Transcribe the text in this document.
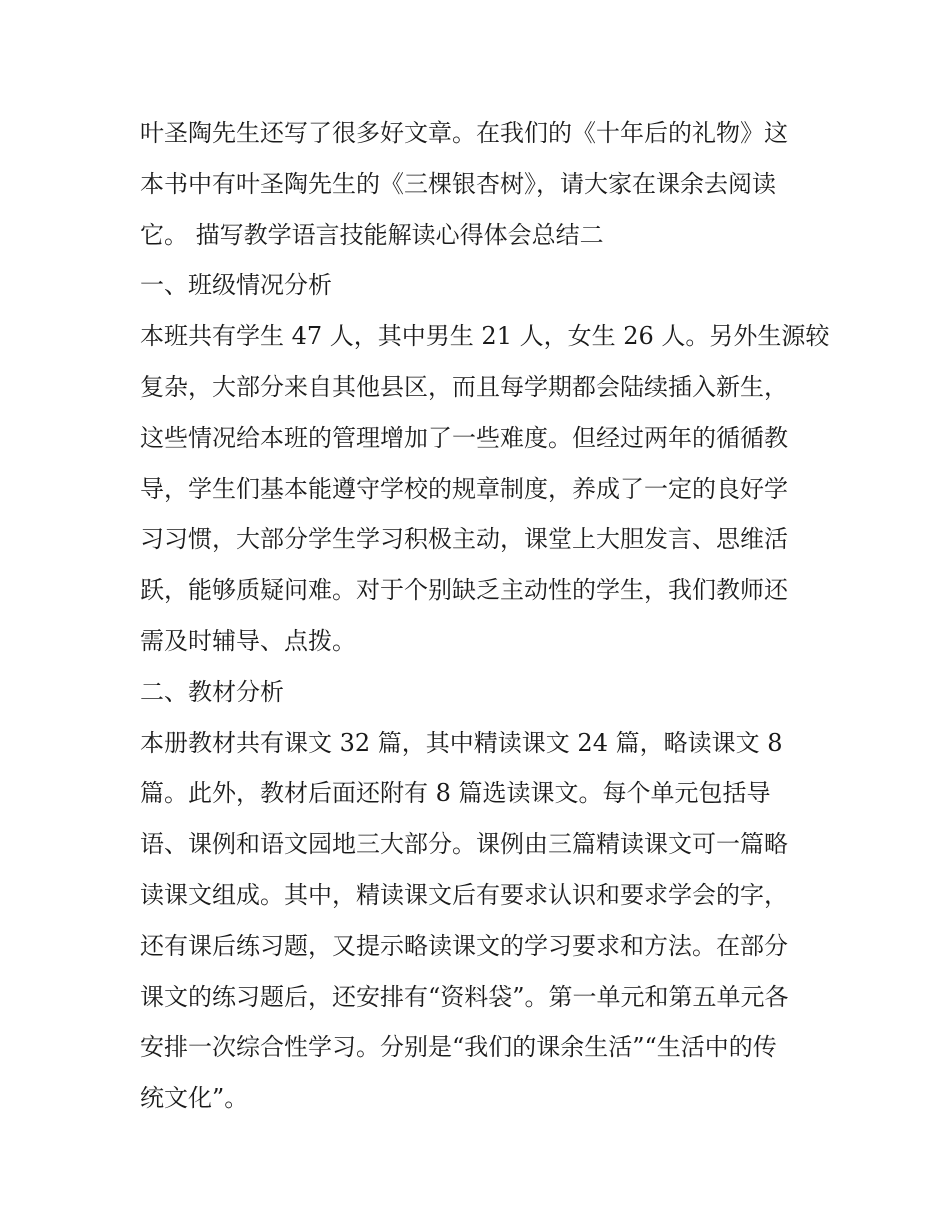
叶圣陶先生还写了很多好文章。在我们的《十年后的礼物》这
本书中有叶圣陶先生的《三棵银杏树》，请大家在课余去阅读
它。 描写教学语言技能解读心得体会总结二
一、班级情况分析
本班共有学生 47 人，其中男生 21 人，女生 26 人。另外生源较
复杂，大部分来自其他县区，而且每学期都会陆续插入新生，
这些情况给本班的管理增加了一些难度。但经过两年的循循教
导，学生们基本能遵守学校的规章制度，养成了一定的良好学
习习惯，大部分学生学习积极主动，课堂上大胆发言、思维活
跃，能够质疑问难。对于个别缺乏主动性的学生，我们教师还
需及时辅导、点拨。
二、教材分析
本册教材共有课文 32 篇，其中精读课文 24 篇，略读课文 8
篇。此外，教材后面还附有 8 篇选读课文。每个单元包括导
语、课例和语文园地三大部分。课例由三篇精读课文可一篇略
读课文组成。其中，精读课文后有要求认识和要求学会的字，
还有课后练习题，又提示略读课文的学习要求和方法。在部分
课文的练习题后，还安排有“资料袋”。第一单元和第五单元各
安排一次综合性学习。分别是“我们的课余生活”“生活中的传
统文化”。
